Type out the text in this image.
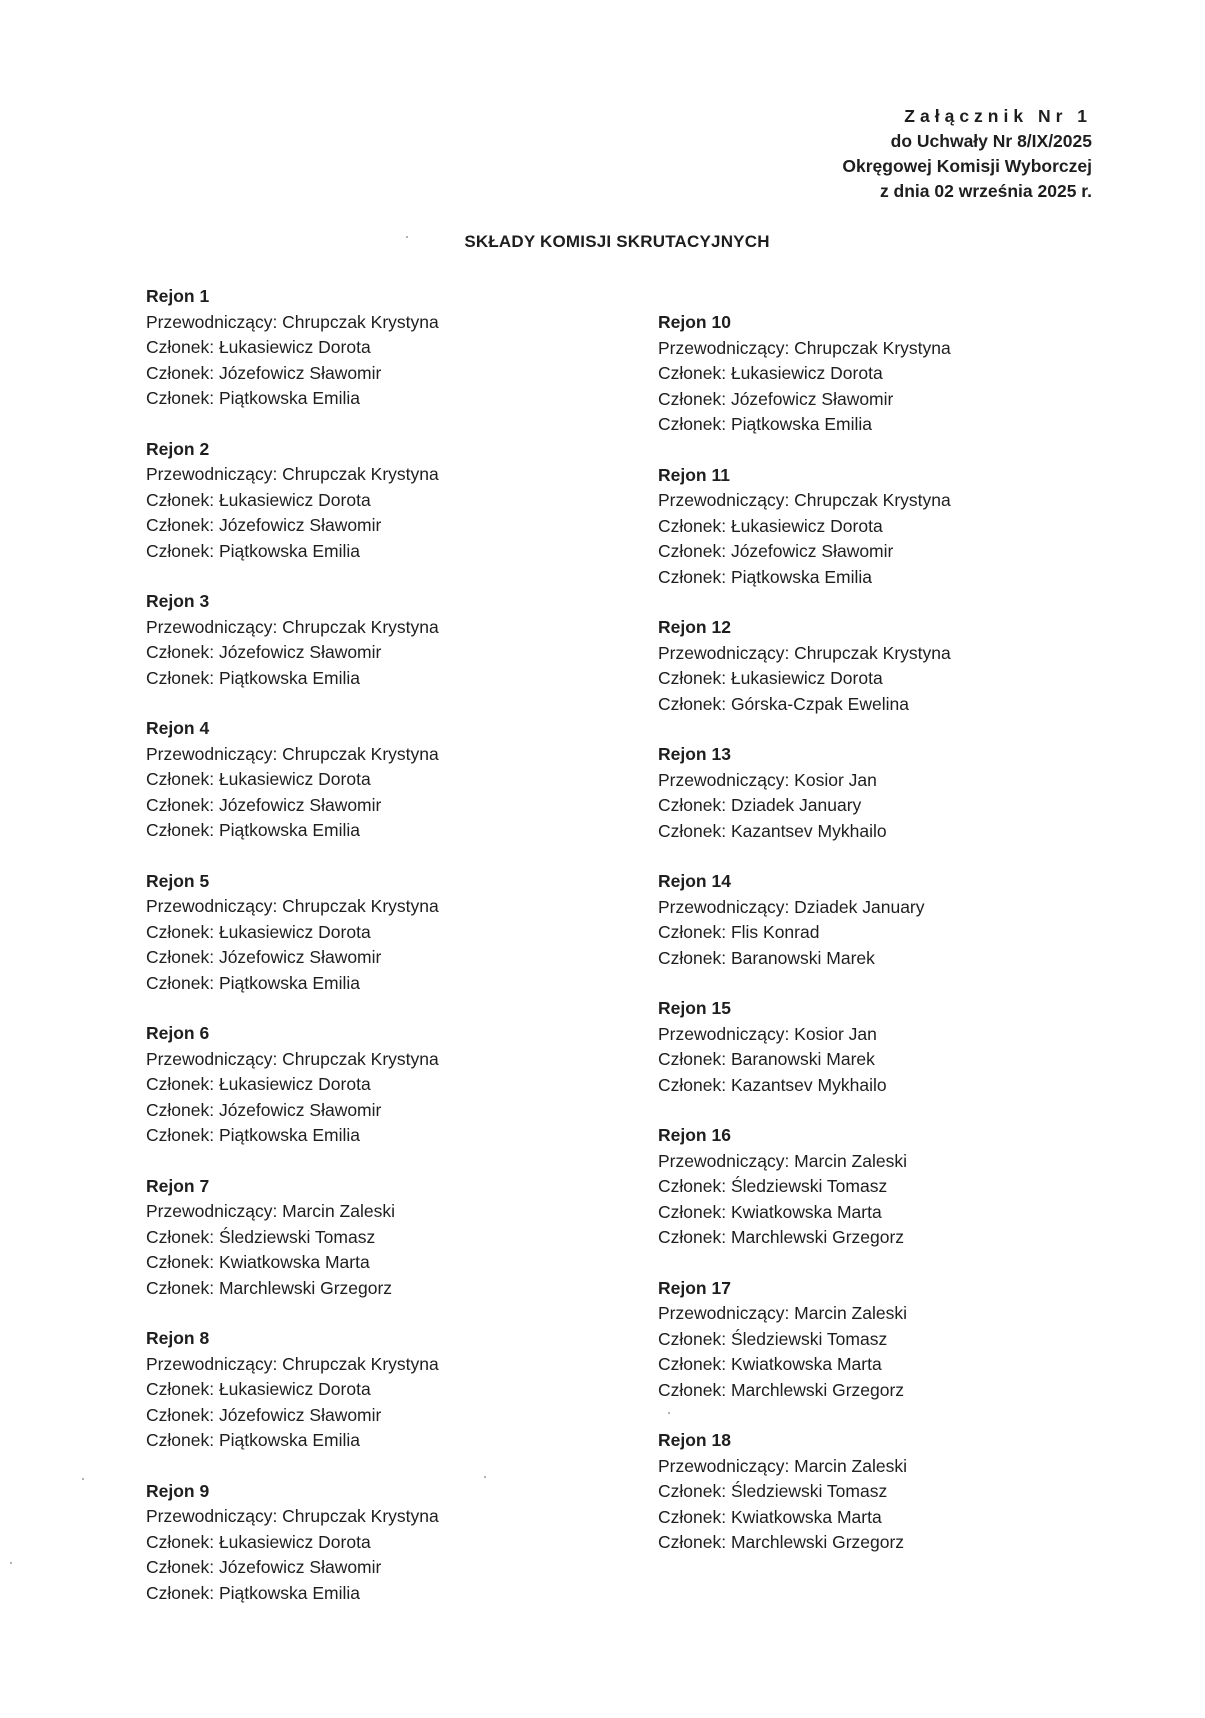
Załącznik Nr 1
do Uchwały Nr 8/IX/2025
Okręgowej Komisji Wyborczej
z dnia 02 września 2025 r.
SKŁADY KOMISJI SKRUTACYJNYCH
Rejon 1
Przewodniczący: Chrupczak Krystyna
Członek: Łukasiewicz Dorota
Członek: Józefowicz Sławomir
Członek: Piątkowska Emilia
Rejon 2
Przewodniczący: Chrupczak Krystyna
Członek: Łukasiewicz Dorota
Członek: Józefowicz Sławomir
Członek: Piątkowska Emilia
Rejon 3
Przewodniczący: Chrupczak Krystyna
Członek: Józefowicz Sławomir
Członek: Piątkowska Emilia
Rejon 4
Przewodniczący: Chrupczak Krystyna
Członek: Łukasiewicz Dorota
Członek: Józefowicz Sławomir
Członek: Piątkowska Emilia
Rejon 5
Przewodniczący: Chrupczak Krystyna
Członek: Łukasiewicz Dorota
Członek: Józefowicz Sławomir
Członek: Piątkowska Emilia
Rejon 6
Przewodniczący: Chrupczak Krystyna
Członek: Łukasiewicz Dorota
Członek: Józefowicz Sławomir
Członek: Piątkowska Emilia
Rejon 7
Przewodniczący: Marcin Zaleski
Członek: Śledziewski Tomasz
Członek: Kwiatkowska Marta
Członek: Marchlewski Grzegorz
Rejon 8
Przewodniczący: Chrupczak Krystyna
Członek: Łukasiewicz Dorota
Członek: Józefowicz Sławomir
Członek: Piątkowska Emilia
Rejon 9
Przewodniczący: Chrupczak Krystyna
Członek: Łukasiewicz Dorota
Członek: Józefowicz Sławomir
Członek: Piątkowska Emilia
Rejon 10
Przewodniczący: Chrupczak Krystyna
Członek: Łukasiewicz Dorota
Członek: Józefowicz Sławomir
Członek: Piątkowska Emilia
Rejon 11
Przewodniczący: Chrupczak Krystyna
Członek: Łukasiewicz Dorota
Członek: Józefowicz Sławomir
Członek: Piątkowska Emilia
Rejon 12
Przewodniczący: Chrupczak Krystyna
Członek: Łukasiewicz Dorota
Członek: Górska-Czpak Ewelina
Rejon 13
Przewodniczący: Kosior Jan
Członek: Dziadek January
Członek: Kazantsev Mykhailo
Rejon 14
Przewodniczący: Dziadek January
Członek: Flis Konrad
Członek: Baranowski Marek
Rejon 15
Przewodniczący: Kosior Jan
Członek: Baranowski Marek
Członek: Kazantsev Mykhailo
Rejon 16
Przewodniczący: Marcin Zaleski
Członek: Śledziewski Tomasz
Członek: Kwiatkowska Marta
Członek: Marchlewski Grzegorz
Rejon 17
Przewodniczący: Marcin Zaleski
Członek: Śledziewski Tomasz
Członek: Kwiatkowska Marta
Członek: Marchlewski Grzegorz
Rejon 18
Przewodniczący: Marcin Zaleski
Członek: Śledziewski Tomasz
Członek: Kwiatkowska Marta
Członek: Marchlewski Grzegorz
